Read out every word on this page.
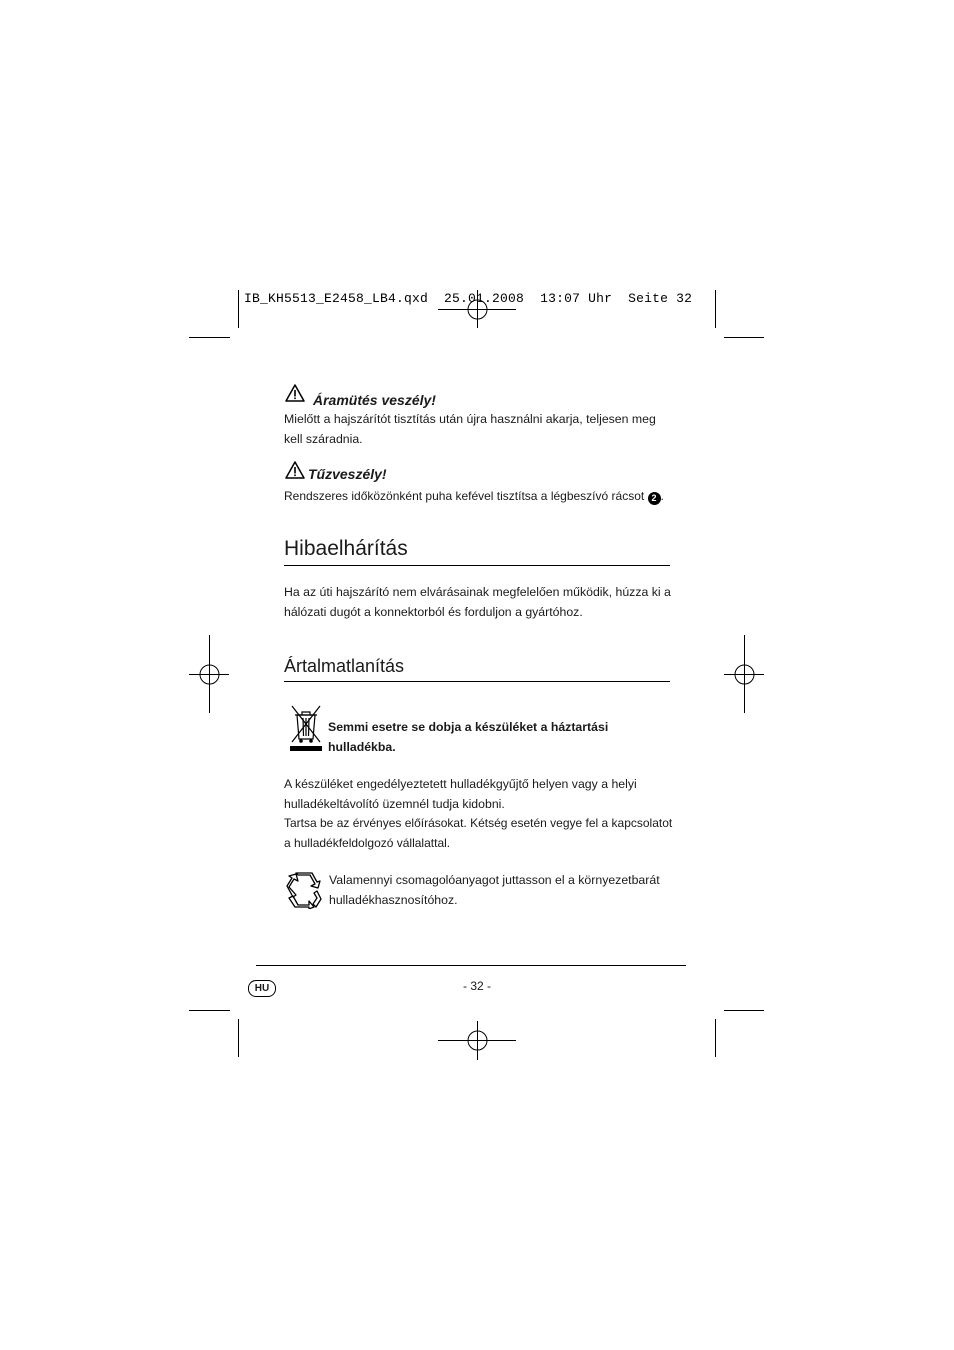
IB_KH5513_E2458_LB4.qxd 25.01.2008 13:07 Uhr Seite 32
Áramütés veszély!
Mielőtt a hajszárítót tisztítás után újra használni akarja, teljesen meg kell száradnia.
Tűzveszély!
Rendszeres időközönként puha kefével tisztítsa a légbeszívó rácsot 2 .
Hibaelhárítás
Ha az úti hajszárító nem elvárásainak megfelelően működik, húzza ki a hálózati dugót a konnektorból és forduljon a gyártóhoz.
Ártalmatlanítás
Semmi esetre se dobja a készüléket a háztartási hulladékba.
A készüléket engedélyeztetett hulladékgyűjtő helyen vagy a helyi hulladékeltávolító üzemnél tudja kidobni.
Tartsa be az érvényes előírásokat. Kétség esetén vegye fel a kapcsolatot a hulladékfeldolgozó vállalattal.
Valamennyi csomagolóanyagot juttasson el a környezetbarát hulladékhasznosítóhoz.
HU	- 32 -
